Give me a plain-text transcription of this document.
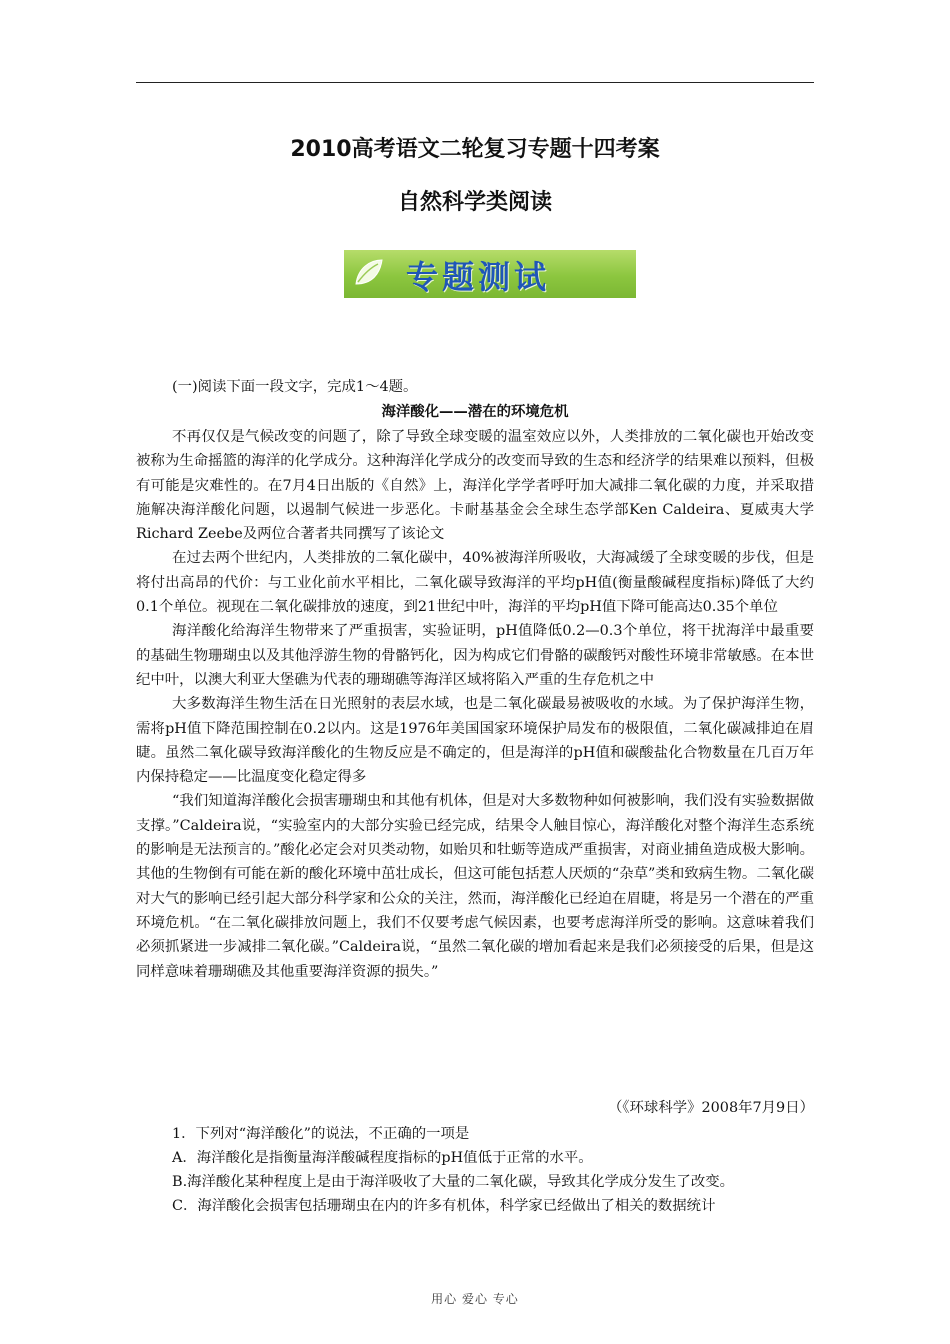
2010高考语文二轮复习专题十四考案
自然科学类阅读
专题测试
(一)阅读下面一段文字，完成1～4题。
海洋酸化——潜在的环境危机

不再仅仅是气候改变的问题了，除了导致全球变暖的温室效应以外，人类排放的二氧化碳也开始改变被称为生命摇篮的海洋的化学成分。这种海洋化学成分的改变而导致的生态和经济学的结果难以预料，但极有可能是灾难性的。在7月4日出版的《自然》上，海洋化学学者呼吁加大减排二氧化碳的力度，并采取措施解决海洋酸化问题，以遏制气候进一步恶化。卡耐基基金会全球生态学部Ken Caldeira、夏威夷大学Richard Zeebe及两位合著者共同撰写了该论文

在过去两个世纪内，人类排放的二氧化碳中，40%被海洋所吸收，大海减缓了全球变暖的步伐，但是将付出高昂的代价：与工业化前水平相比，二氧化碳导致海洋的平均pH值(衡量酸碱程度指标)降低了大约0.1个单位。视现在二氧化碳排放的速度，到21世纪中叶，海洋的平均pH值下降可能高达0.35个单位

海洋酸化给海洋生物带来了严重损害，实验证明，pH值降低0.2—0.3个单位，将干扰海洋中最重要的基础生物珊瑚虫以及其他浮游生物的骨骼钙化，因为构成它们骨骼的碳酸钙对酸性环境非常敏感。在本世纪中叶，以澳大利亚大堡礁为代表的珊瑚礁等海洋区域将陷入严重的生存危机之中

大多数海洋生物生活在日光照射的表层水域，也是二氧化碳最易被吸收的水域。为了保护海洋生物，需将pH值下降范围控制在0.2以内。这是1976年美国国家环境保护局发布的极限值，二氧化碳减排迫在眉睫。虽然二氧化碳导致海洋酸化的生物反应是不确定的，但是海洋的pH值和碳酸盐化合物数量在几百万年内保持稳定——比温度变化稳定得多

“我们知道海洋酸化会损害珊瑚虫和其他有机体，但是对大多数物种如何被影响，我们没有实验数据做支撑。”Caldeira说，“实验室内的大部分实验已经完成，结果令人触目惊心，海洋酸化对整个海洋生态系统的影响是无法预言的。”酸化必定会对贝类动物，如贻贝和牡蛎等造成严重损害，对商业捕鱼造成极大影响。其他的生物倒有可能在新的酸化环境中茁壮成长，但这可能包括惹人厌烦的“杂草”类和致病生物。二氧化碳对大气的影响已经引起大部分科学家和公众的关注，然而，海洋酸化已经迫在眉睫，将是另一个潜在的严重环境危机。“在二氧化碳排放问题上，我们不仅要考虑气候因素，也要考虑海洋所受的影响。这意味着我们必须抓紧进一步减排二氧化碳。”Caldeira说，“虽然二氧化碳的增加看起来是我们必须接受的后果，但是这同样意味着珊瑚礁及其他重要海洋资源的损失。”

（《环球科学》2008年7月9日）
1．下列对“海洋酸化”的说法，不正确的一项是
A．海洋酸化是指衡量海洋酸碱程度指标的pH值低于正常的水平。
B.海洋酸化某种程度上是由于海洋吸收了大量的二氧化碳，导致其化学成分发生了改变。
C．海洋酸化会损害包括珊瑚虫在内的许多有机体，科学家已经做出了相关的数据统计
用心 爱心 专心
